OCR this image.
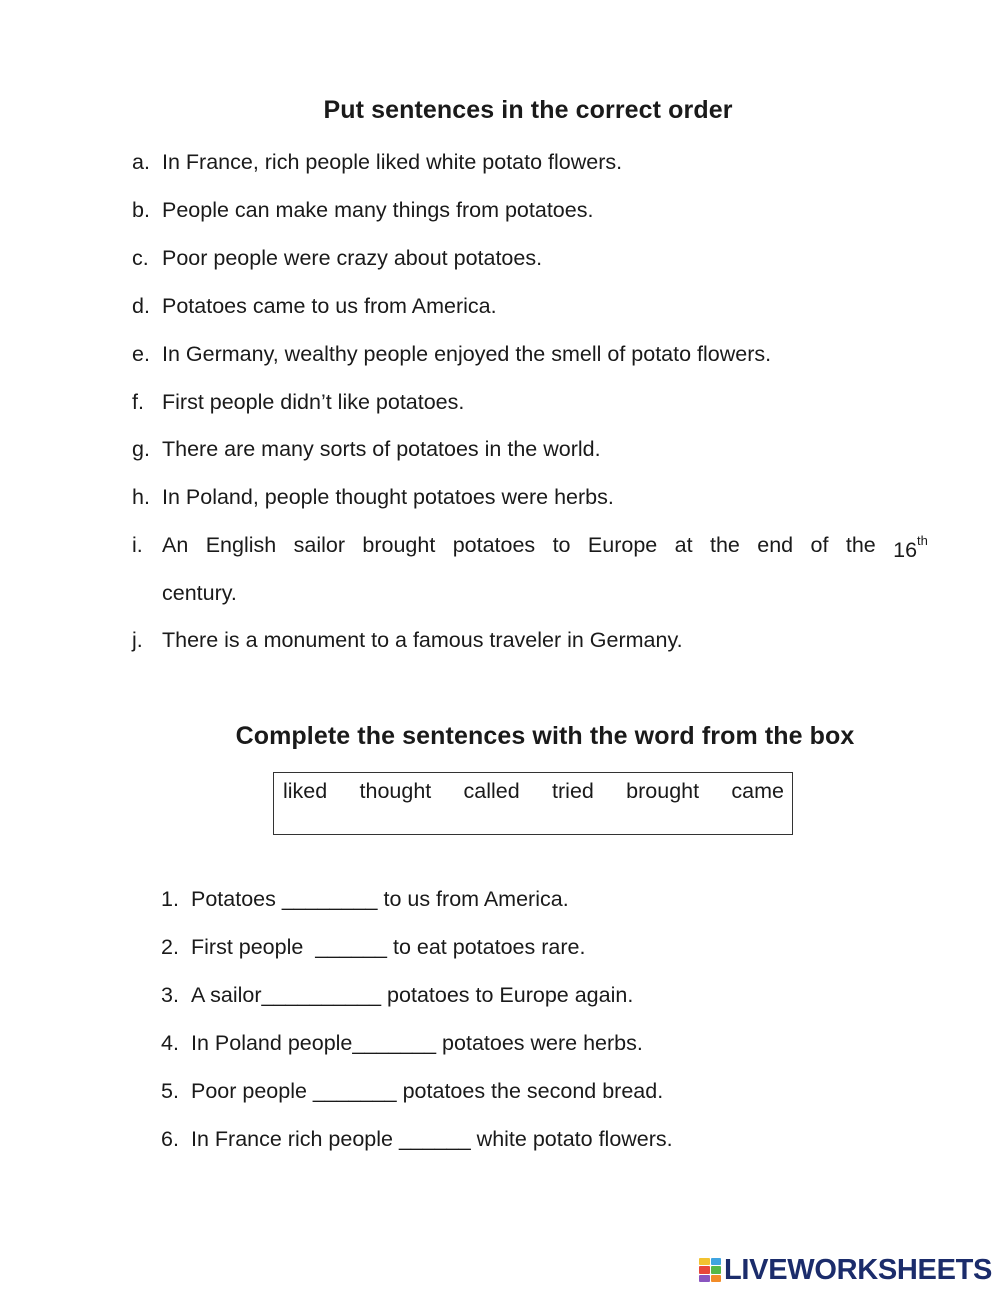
Put sentences in the correct order
a. In France, rich people liked white potato flowers.
b. People can make many things from potatoes.
c. Poor people were crazy about potatoes.
d. Potatoes came to us from America.
e. In Germany, wealthy people enjoyed the smell of potato flowers.
f. First people didn’t like potatoes.
g. There are many sorts of potatoes in the world.
h. In Poland, people thought potatoes were herbs.
i. An English sailor brought potatoes to Europe at the end of the 16th
century.
j. There is a monument to a famous traveler in Germany.
Complete the sentences with the word from the box
liked thought called tried brought came
1. Potatoes ________ to us from America.
2. First people  ______ to eat potatoes rare.
3. A sailor__________ potatoes to Europe again.
4. In Poland people_______ potatoes were herbs.
5. Poor people _______ potatoes the second bread.
6. In France rich people ______ white potato flowers.
LIVEWORKSHEETS
